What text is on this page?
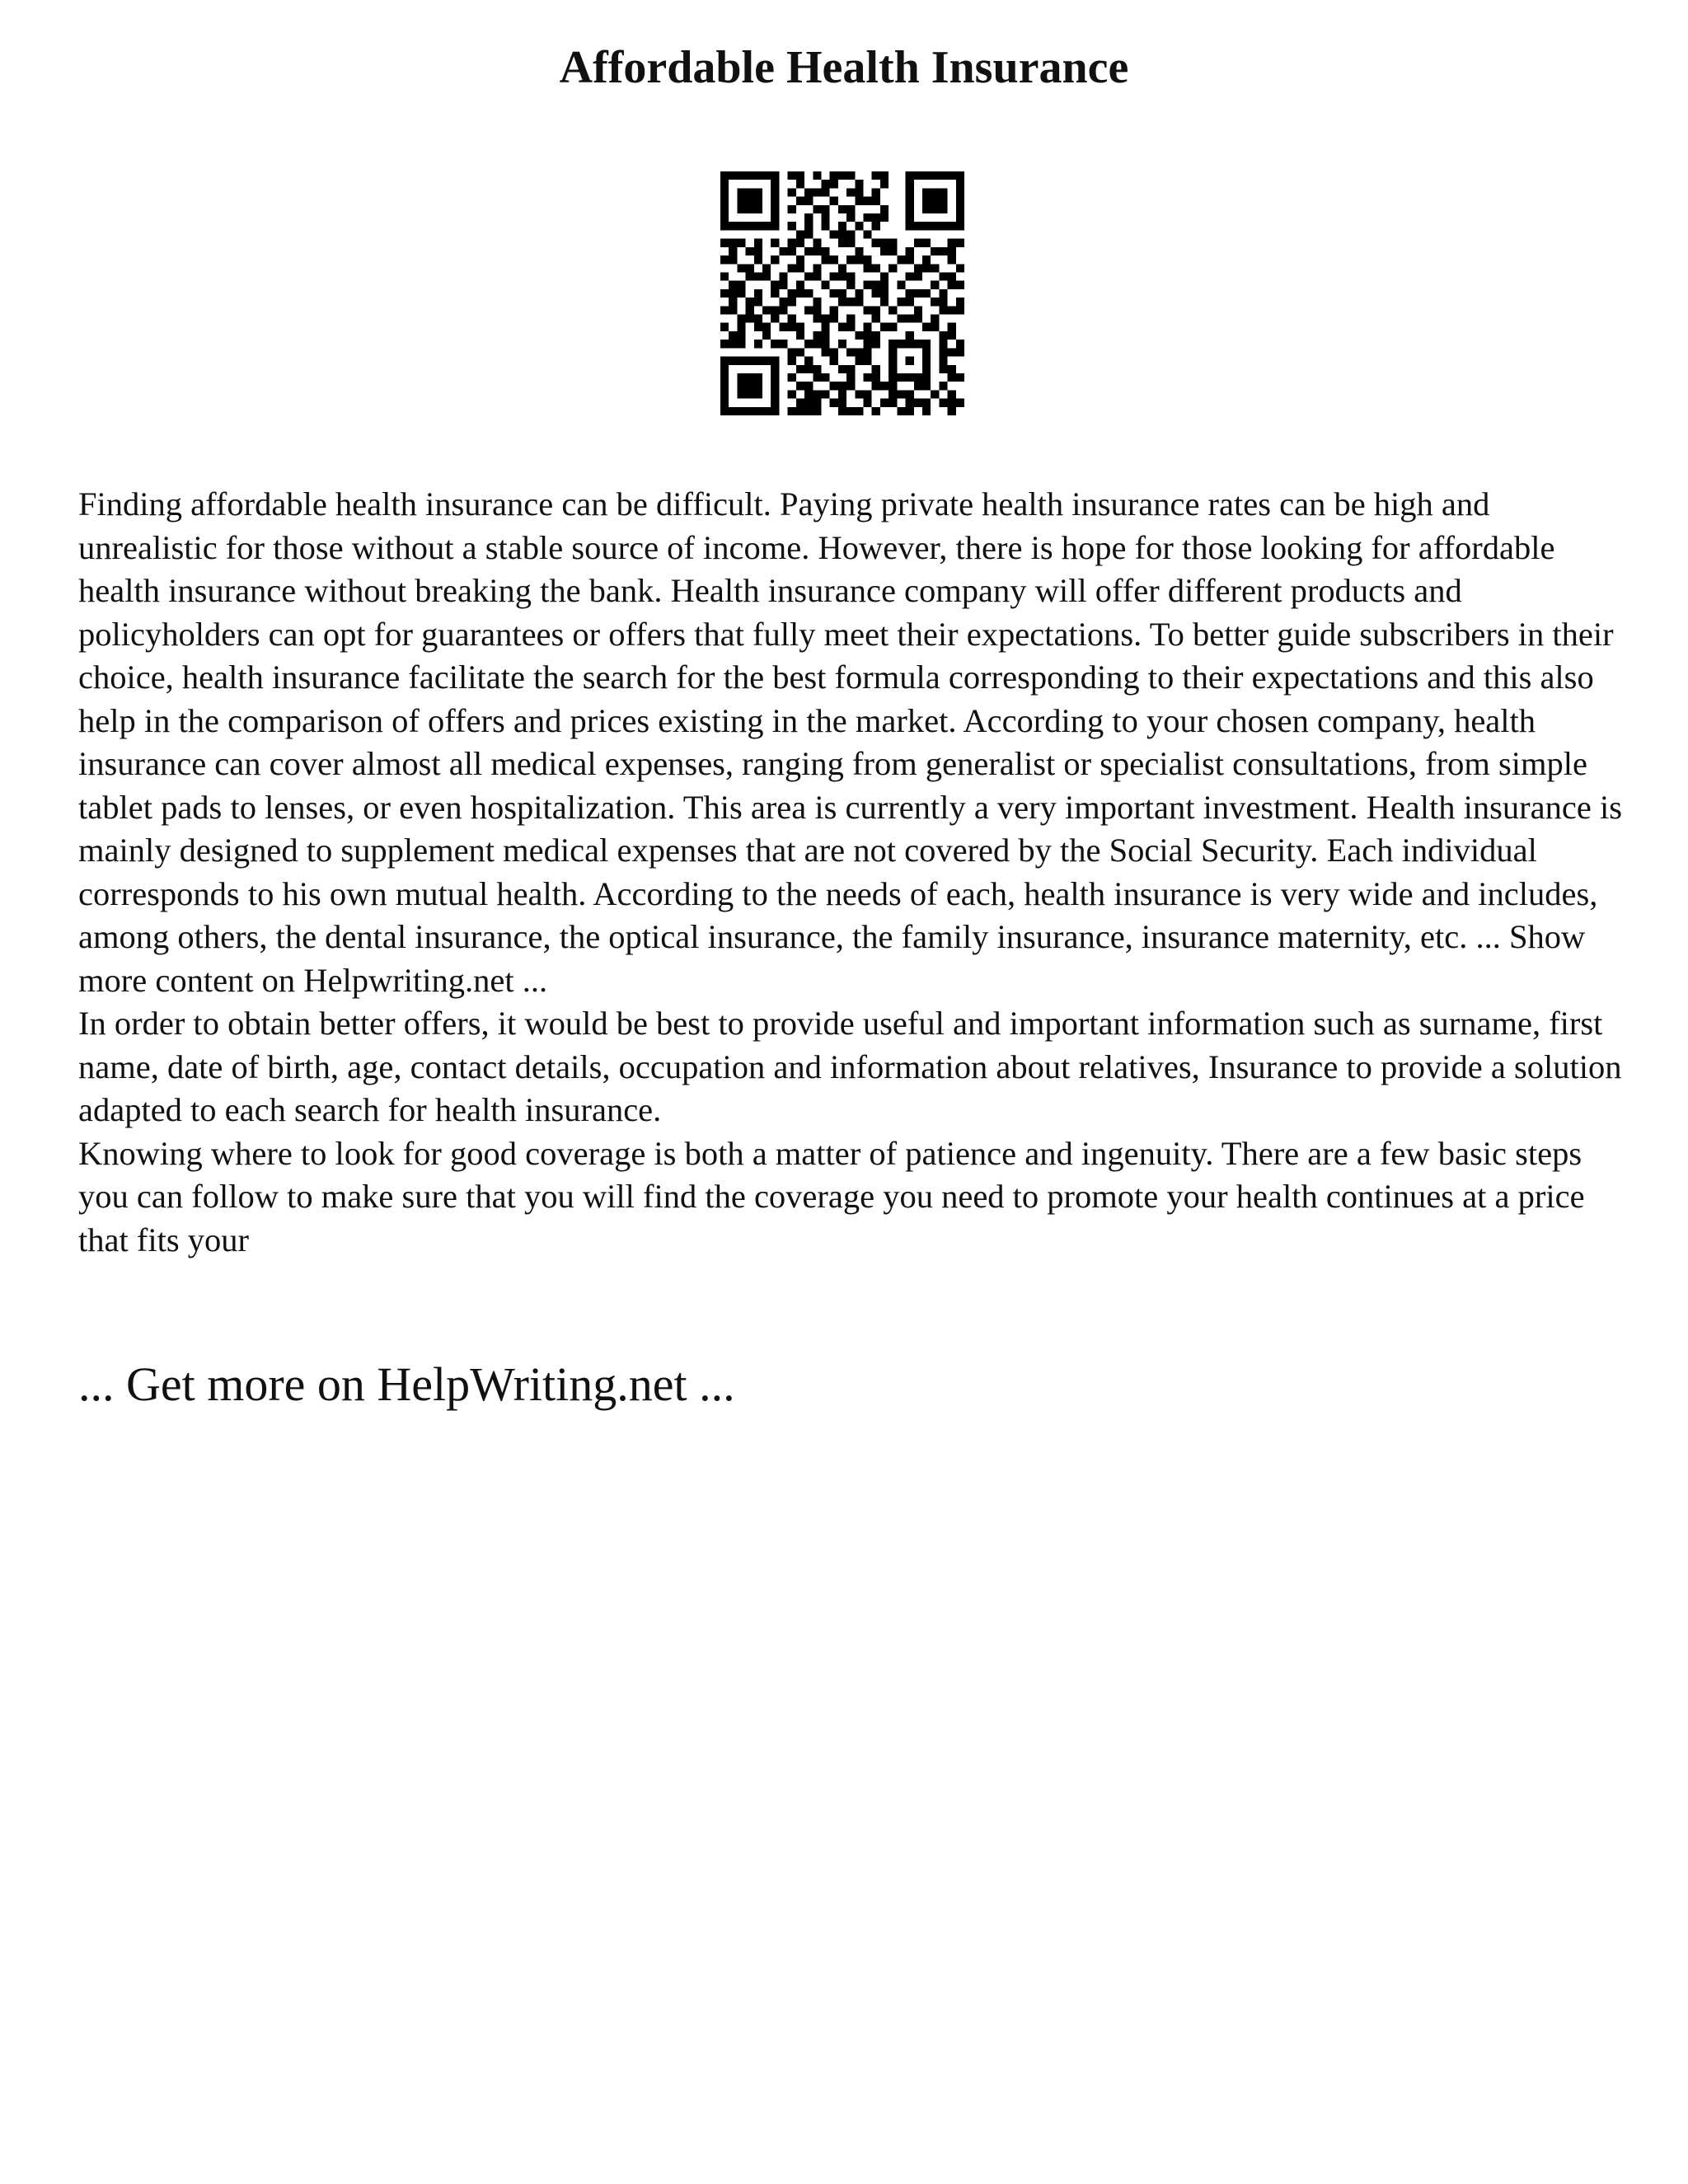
Affordable Health Insurance

Finding affordable health insurance can be difficult. Paying private health insurance rates can be high and unrealistic for those without a stable source of income. However, there is hope for those looking for affordable health insurance without breaking the bank. Health insurance company will offer different products and policyholders can opt for guarantees or offers that fully meet their expectations. To better guide subscribers in their choice, health insurance facilitate the search for the best formula corresponding to their expectations and this also help in the comparison of offers and prices existing in the market. According to your chosen company, health insurance can cover almost all medical expenses, ranging from generalist or specialist consultations, from simple tablet pads to lenses, or even hospitalization. This area is currently a very important investment. Health insurance is mainly designed to supplement medical expenses that are not covered by the Social Security. Each individual corresponds to his own mutual health. According to the needs of each, health insurance is very wide and includes, among others, the dental insurance, the optical insurance, the family insurance, insurance maternity, etc. ... Show more content on Helpwriting.net ...

In order to obtain better offers, it would be best to provide useful and important information such as surname, first name, date of birth, age, contact details, occupation and information about relatives, Insurance to provide a solution adapted to each search for health insurance.

Knowing where to look for good coverage is both a matter of patience and ingenuity. There are a few basic steps you can follow to make sure that you will find the coverage you need to promote your health continues at a price that fits your

... Get more on HelpWriting.net ...
